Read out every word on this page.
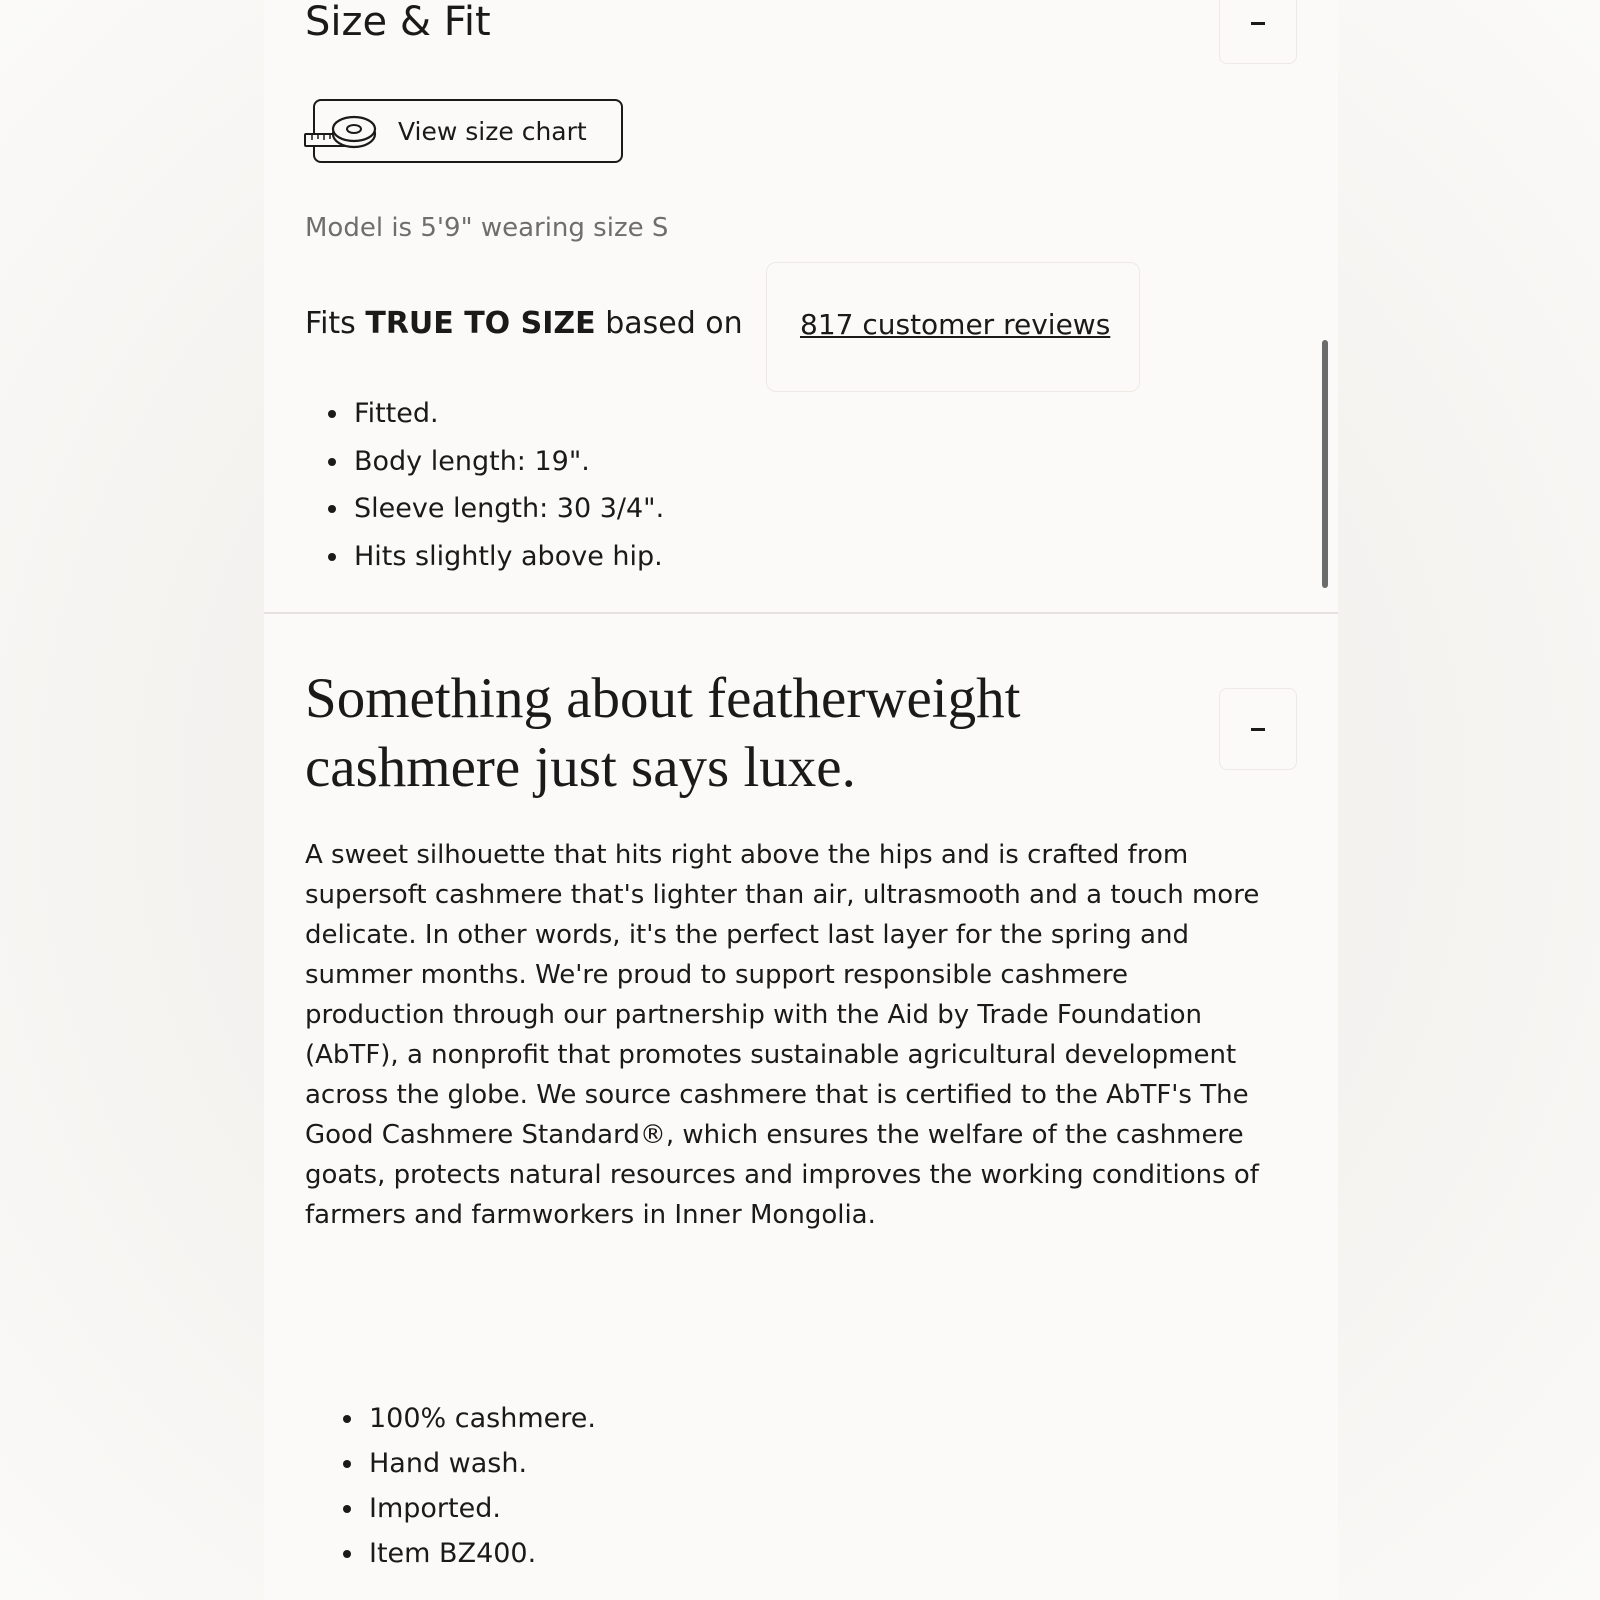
Size & Fit
View size chart
Model is 5'9" wearing size S
Fits TRUE TO SIZE based on 817 customer reviews
• Fitted.
• Body length: 19".
• Sleeve length: 30 3/4".
• Hits slightly above hip.
Something about featherweight cashmere just says luxe.

A sweet silhouette that hits right above the hips and is crafted from supersoft cashmere that's lighter than air, ultrasmooth and a touch more delicate. In other words, it's the perfect last layer for the spring and summer months. We're proud to support responsible cashmere production through our partnership with the Aid by Trade Foundation (AbTF), a nonprofit that promotes sustainable agricultural development across the globe. We source cashmere that is certified to the AbTF's The Good Cashmere Standard®, which ensures the welfare of the cashmere goats, protects natural resources and improves the working conditions of farmers and farmworkers in Inner Mongolia.

• 100% cashmere.
• Hand wash.
• Imported.
• Item BZ400.
